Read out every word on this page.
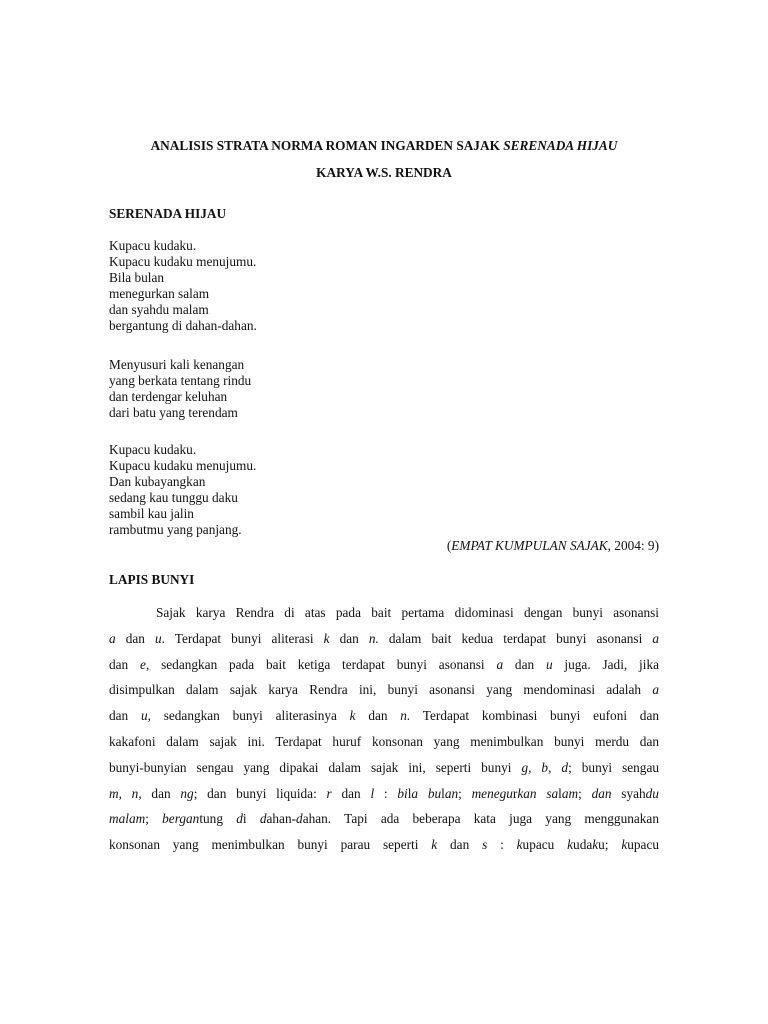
ANALISIS STRATA NORMA ROMAN INGARDEN SAJAK SERENADA HIJAU
KARYA W.S. RENDRA
SERENADA HIJAU
Kupacu kudaku.
Kupacu kudaku menujumu.
Bila bulan
menegurkan salam
dan syahdu malam
bergantung di dahan-dahan.
Menyusuri kali kenangan
yang berkata tentang rindu
dan terdengar keluhan
dari batu yang terendam
Kupacu kudaku.
Kupacu kudaku menujumu.
Dan kubayangkan
sedang kau tunggu daku
sambil kau jalin
rambutmu yang panjang.
(EMPAT KUMPULAN SAJAK, 2004: 9)
LAPIS BUNYI
Sajak karya Rendra di atas pada bait pertama didominasi dengan bunyi asonansi
a dan u. Terdapat bunyi aliterasi k dan n. dalam bait kedua terdapat bunyi asonansi a
dan e, sedangkan pada bait ketiga terdapat bunyi asonansi a dan u juga. Jadi, jika
disimpulkan dalam sajak karya Rendra ini, bunyi asonansi yang mendominasi adalah a
dan u, sedangkan bunyi aliterasinya k dan n. Terdapat kombinasi bunyi eufoni dan
kakafoni dalam sajak ini. Terdapat huruf konsonan yang menimbulkan bunyi merdu dan
bunyi-bunyian sengau yang dipakai dalam sajak ini, seperti bunyi g, b, d; bunyi sengau
m, n, dan ng; dan bunyi liquida: r dan l : bila bulan; menegurkan salam; dan syahdu
malam; bergantung di dahan-dahan. Tapi ada beberapa kata juga yang menggunakan
konsonan yang menimbulkan bunyi parau seperti k dan s : kupacu kudaku; kupacu
